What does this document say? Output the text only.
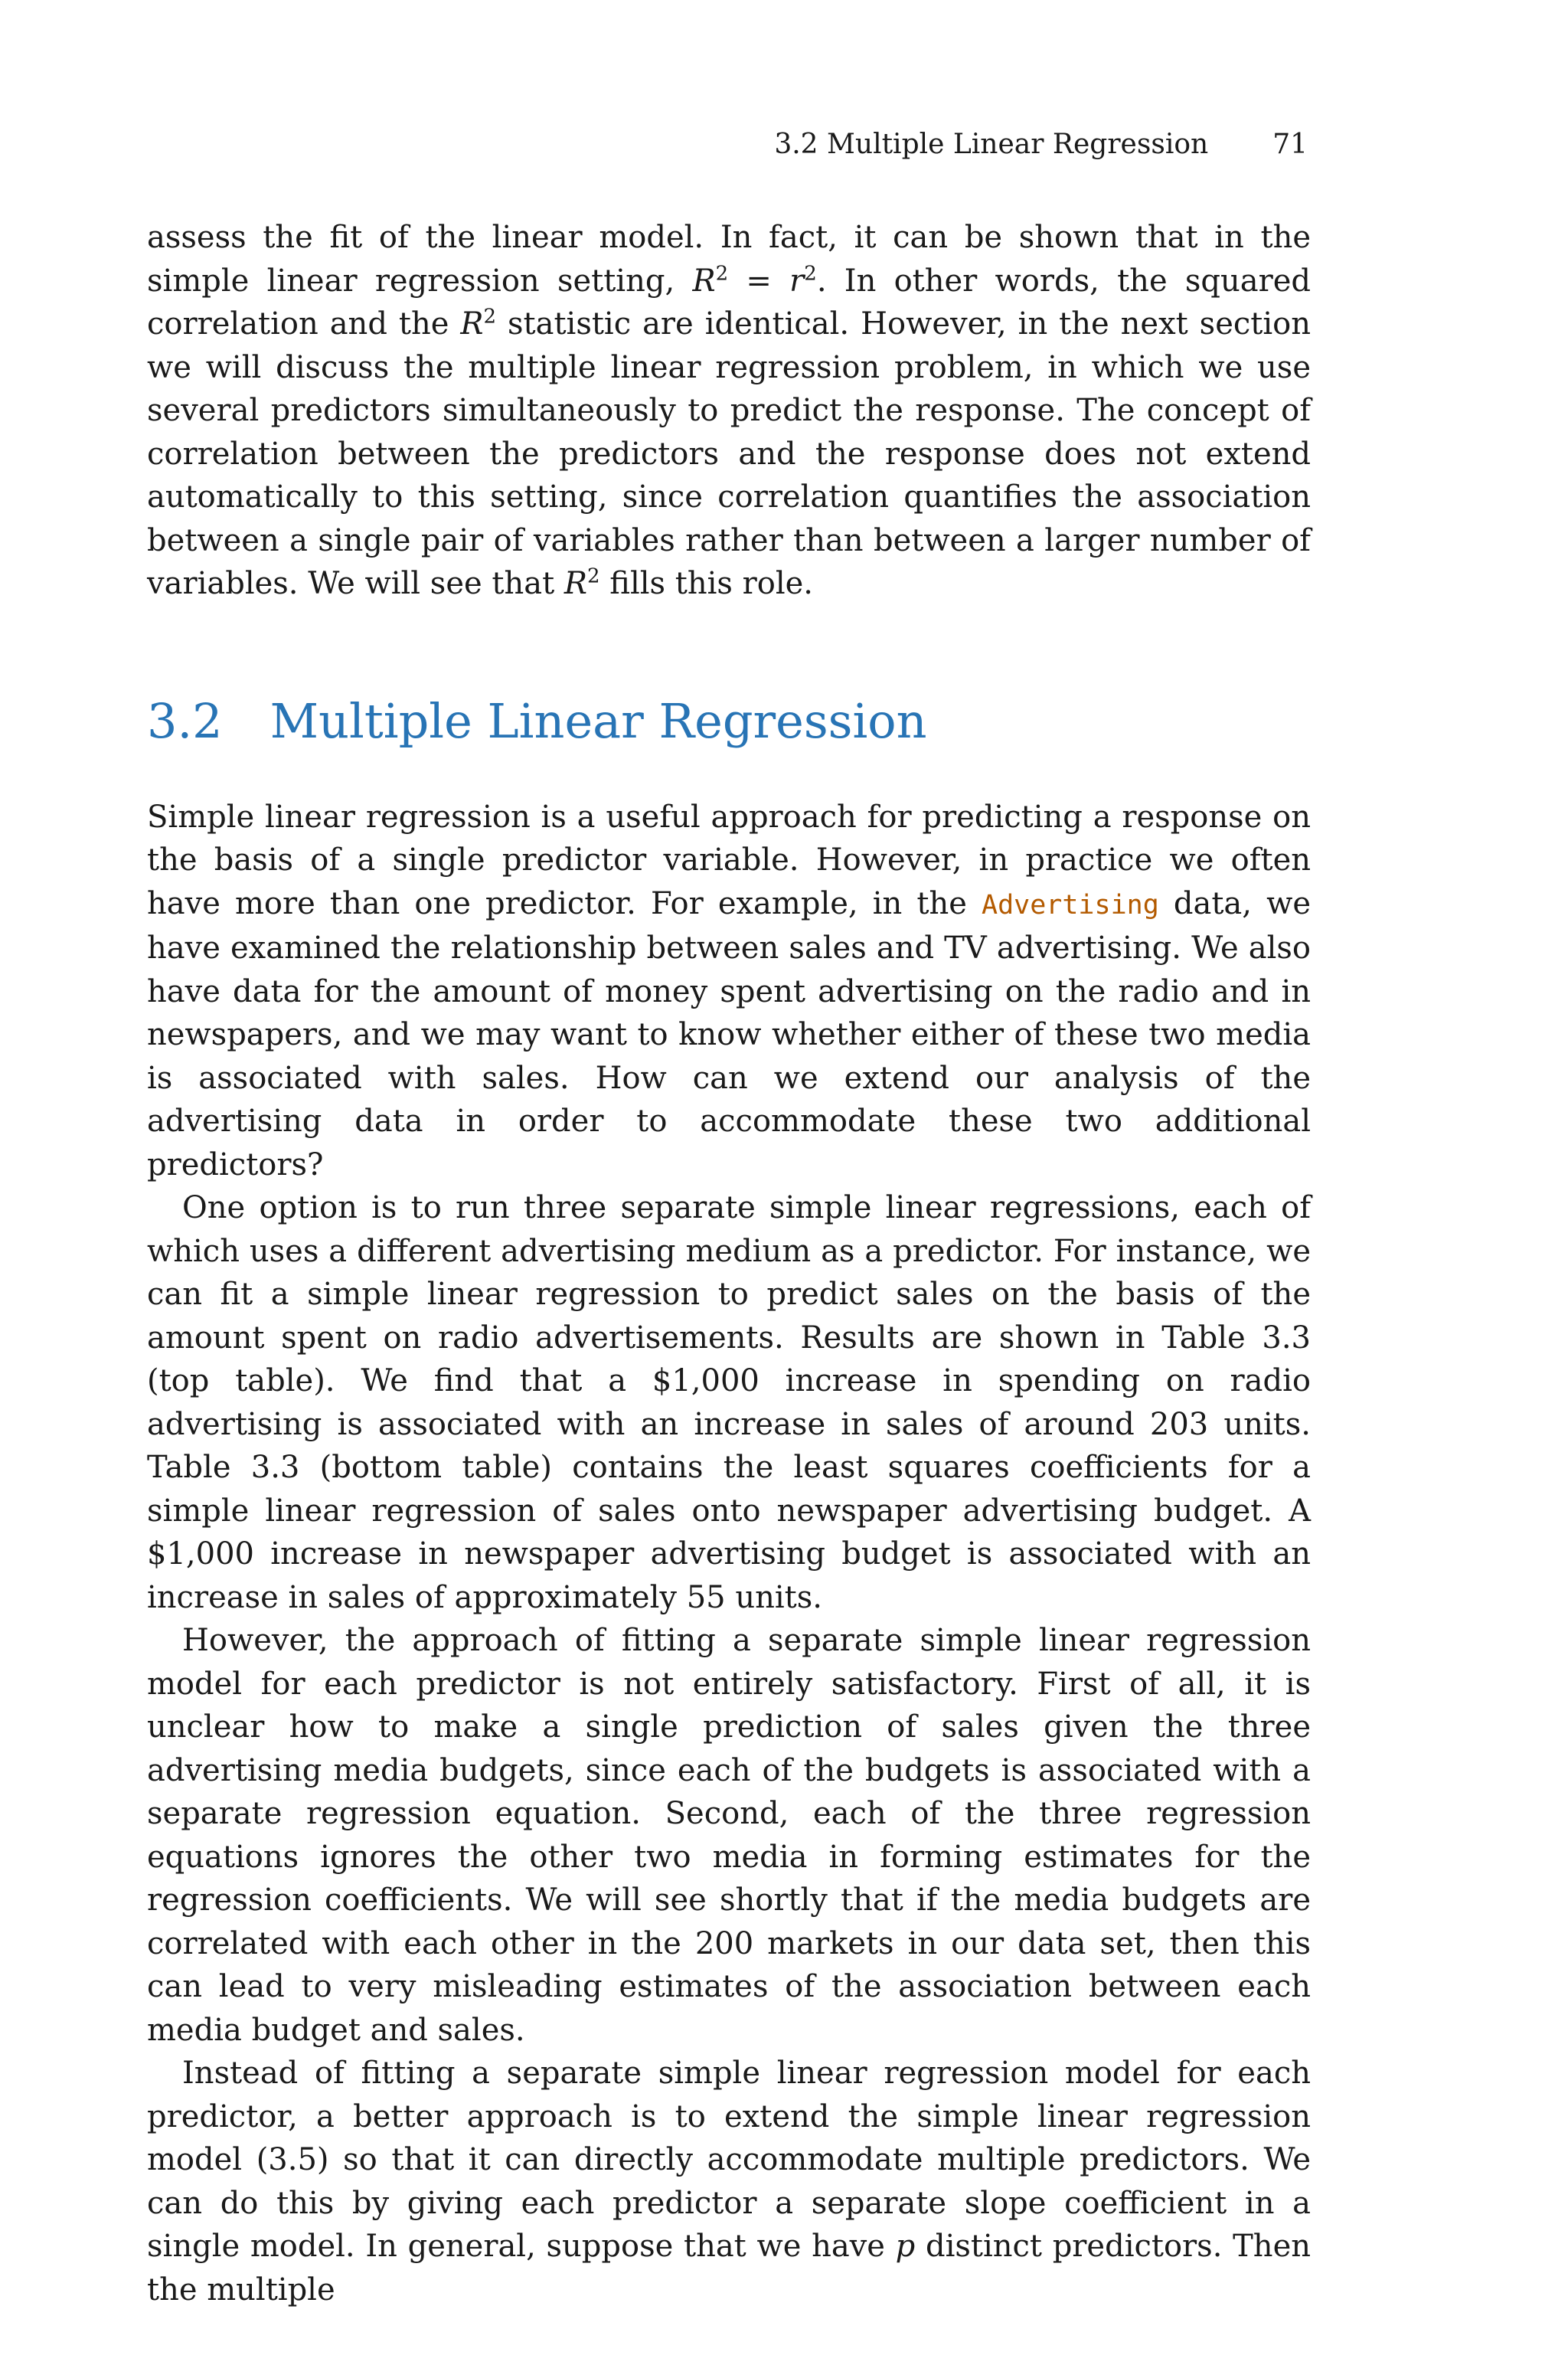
3.2 Multiple Linear Regression 71

assess the fit of the linear model. In fact, it can be shown that in the simple linear regression setting, $R^2 = r^2$. In other words, the squared correlation and the $R^2$ statistic are identical. However, in the next section we will discuss the multiple linear regression problem, in which we use several predictors simultaneously to predict the response. The concept of correlation between the predictors and the response does not extend automatically to this setting, since correlation quantifies the association between a single pair of variables rather than between a larger number of variables. We will see that $R^2$ fills this role.

3.2 Multiple Linear Regression

Simple linear regression is a useful approach for predicting a response on the basis of a single predictor variable. However, in practice we often have more than one predictor. For example, in the Advertising data, we have examined the relationship between sales and TV advertising. We also have data for the amount of money spent advertising on the radio and in newspapers, and we may want to know whether either of these two media is associated with sales. How can we extend our analysis of the advertising data in order to accommodate these two additional predictors?

One option is to run three separate simple linear regressions, each of which uses a different advertising medium as a predictor. For instance, we can fit a simple linear regression to predict sales on the basis of the amount spent on radio advertisements. Results are shown in Table 3.3 (top table). We find that a $1,000 increase in spending on radio advertising is associated with an increase in sales of around 203 units. Table 3.3 (bottom table) contains the least squares coefficients for a simple linear regression of sales onto newspaper advertising budget. A $1,000 increase in newspaper advertising budget is associated with an increase in sales of approximately 55 units.

However, the approach of fitting a separate simple linear regression model for each predictor is not entirely satisfactory. First of all, it is unclear how to make a single prediction of sales given the three advertising media budgets, since each of the budgets is associated with a separate regression equation. Second, each of the three regression equations ignores the other two media in forming estimates for the regression coefficients. We will see shortly that if the media budgets are correlated with each other in the 200 markets in our data set, then this can lead to very misleading estimates of the association between each media budget and sales.

Instead of fitting a separate simple linear regression model for each predictor, a better approach is to extend the simple linear regression model (3.5) so that it can directly accommodate multiple predictors. We can do this by giving each predictor a separate slope coefficient in a single model. In general, suppose that we have p distinct predictors. Then the multiple
